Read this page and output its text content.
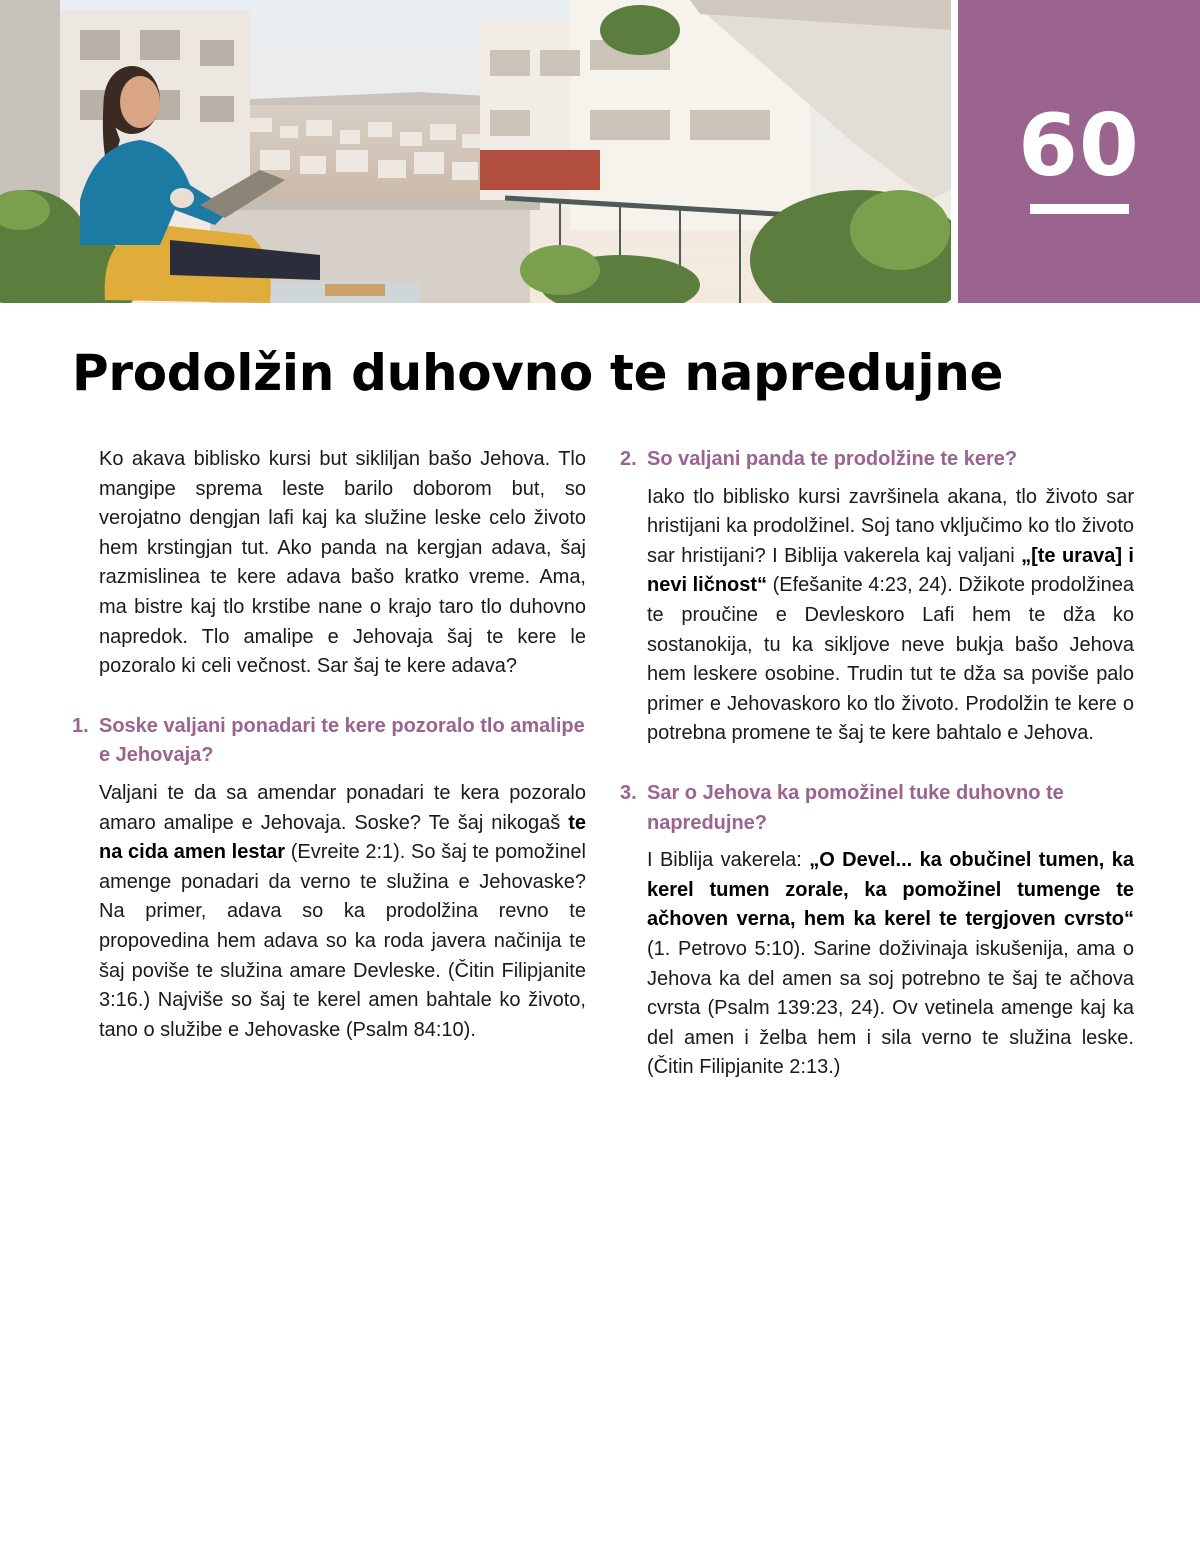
60
Prodolžin duhovno te napredujne

Ko akava biblisko kursi but sikliljan bašo Jehova. Tlo mangipe sprema leste barilo doborom but, so verojatno dengjan lafi kaj ka služine leske celo životo hem krstingjan tut. Ako panda na kergjan adava, šaj razmislinea te kere adava bašo kratko vreme. Ama, ma bistre kaj tlo krstibe nane o krajo taro tlo duhovno napredok. Tlo amalipe e Jehovaja šaj te kere le pozoralo ki celi večnost. Sar šaj te kere adava?

1. Soske valjani ponadari te kere pozoralo tlo amalipe e Jehovaja?

Valjani te da sa amendar ponadari te kera pozoralo amaro amalipe e Jehovaja. Soske? Te šaj nikogaš te na cida amen lestar (Evreite 2:1). So šaj te pomožinel amenge ponadari da verno te služina e Jehovaske? Na primer, adava so ka prodolžina revno te propovedina hem adava so ka roda javera načinija te šaj poviše te služina amare Devleske. (Čitin Filipjanite 3:16.) Najviše so šaj te kerel amen bahtale ko životo, tano o služibe e Jehovaske (Psalm 84:10).

2. So valjani panda te prodolžine te kere?

Iako tlo biblisko kursi završinela akana, tlo životo sar hristijani ka prodolžinel. Soj tano vključimo ko tlo životo sar hristijani? I Biblija vakerela kaj valjani „[te urava] i nevi ličnost“ (Efešanite 4:23, 24). Džikote prodolžinea te proučine e Devleskoro Lafi hem te dža ko sostanokija, tu ka sikljove neve bukja bašo Jehova hem leskere osobine. Trudin tut te dža sa poviše palo primer e Jehovaskoro ko tlo životo. Prodolžin te kere o potrebna promene te šaj te kere bahtalo e Jehova.

3. Sar o Jehova ka pomožinel tuke duhovno te napredujne?

I Biblija vakerela: „O Devel... ka obučinel tumen, ka kerel tumen zorale, ka pomožinel tumenge te ačhoven verna, hem ka kerel te tergjoven cvrsto“ (1. Petrovo 5:10). Sarine doživinaja iskušenija, ama o Jehova ka del amen sa soj potrebno te šaj te ačhova cvrsta (Psalm 139:23, 24). Ov vetinela amenge kaj ka del amen i želba hem i sila verno te služina leske. (Čitin Filipjanite 2:13.)
